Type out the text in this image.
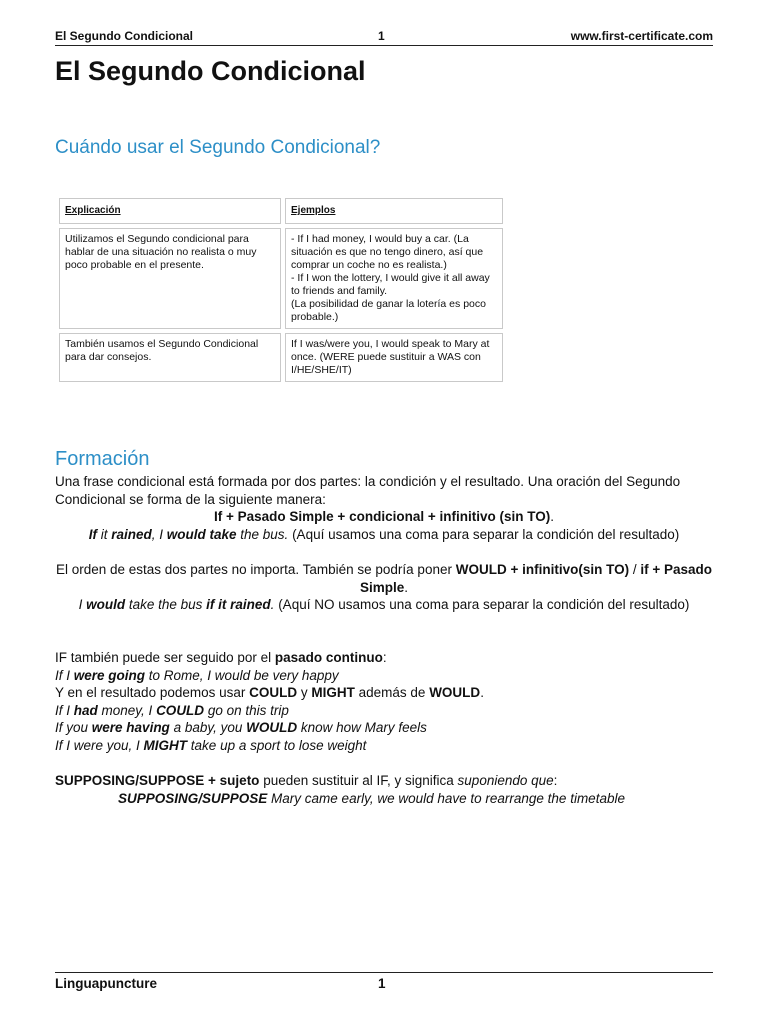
El Segundo Condicional	1	www.first-certificate.com
El Segundo Condicional
Cuándo usar el Segundo Condicional?
Explicación	Ejemplos
Utilizamos el Segundo condicional para hablar de una situación no realista o muy poco probable en el presente.	- If I had money, I would buy a car. (La situación es que no tengo dinero, así que comprar un coche no es realista.)
- If I won the lottery, I would give it all away to friends and family.
(La posibilidad de ganar la lotería es poco probable.)

También usamos el Segundo Condicional para dar consejos.	If I was/were you, I would speak to Mary at once. (WERE puede sustituir a WAS con I/HE/SHE/IT)
Formación

Una frase condicional está formada por dos partes: la condición y el resultado. Una oración del Segundo Condicional se forma de la siguiente manera:

If + Pasado Simple + condicional + infinitivo (sin TO).

If it rained, I would take the bus. (Aquí usamos una coma para separar la condición del resultado)

El orden de estas dos partes no importa. También se podría poner WOULD + infinitivo(sin TO) / if + Pasado Simple.

I would take the bus if it rained. (Aquí NO usamos una coma para separar la condición del resultado)

IF también puede ser seguido por el pasado continuo:

If I were going to Rome, I would be very happy

Y en el resultado podemos usar COULD y MIGHT además de WOULD.

If I had money, I COULD go on this trip

If you were having a baby, you WOULD know how Mary feels

If I were you, I MIGHT take up a sport to lose weight

SUPPOSING/SUPPOSE + sujeto pueden sustituir al IF, y significa suponiendo que:

SUPPOSING/SUPPOSE Mary came early, we would have to rearrange the timetable

Linguapuncture	1
